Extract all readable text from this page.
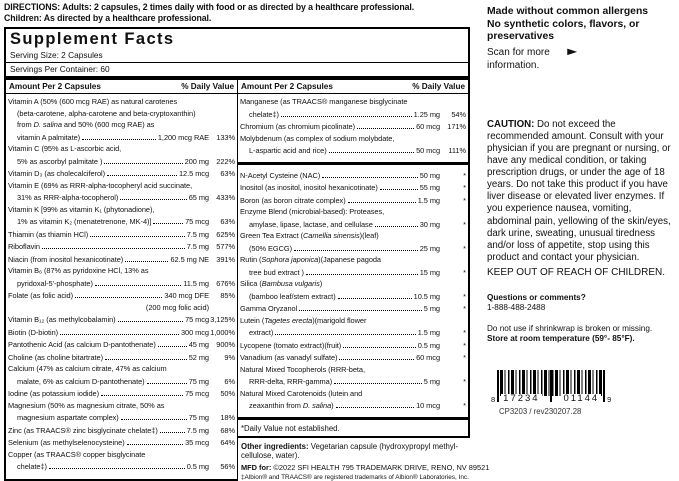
DIRECTIONS: Adults: 2 capsules, 2 times daily with food or as directed by a healthcare professional.
Children: As directed by a healthcare professional.
Supplement Facts
Serving Size: 2 Capsules
Servings Per Container: 60
Amount Per 2 Capsules	% Daily Value
Vitamin A (50% (600 mcg RAE) as natural carotenes
(beta-carotene, alpha-carotene and beta-cryptoxanthin)
from D. salina and 50% (600 mcg RAE) as
vitamin A palmitate)	1,200 mcg RAE 133%
Vitamin C (95% as L-ascorbic acid,
5% as ascorbyl palmitate )	200 mg 222%
Vitamin D₃ (as cholecalciferol)	12.5 mcg	63%
Vitamin E (69% as RRR-alpha-tocopheryl acid succinate,
31% as RRR-alpha-tocopherol)	65 mg 433%
Vitamin K [99% as vitamin K₁ (phytonadione),
1% as vitamin K₂ (menatetrenone, MK-4)]	75 mcg	63%
Thiamin (as thiamin HCl)	7.5 mg 625%
Riboflavin	7.5 mg 577%
Niacin (from inositol hexanicotinate)	62.5 mg NE 391%
Vitamin B₆ (87% as pyridoxine HCl, 13% as
pyridoxal-5'-phosphate)	11.5 mg 676%
Folate (as folic acid)	340 mcg DFE	85%
(200 mcg folic acid)
Vitamin B₁₂ (as methylcobalamin)	75 mcg 3,125%
Biotin (D-biotin)	300 mcg 1,000%
Pantothenic Acid (as calcium D-pantothenate)	45 mg 900%
Choline (as choline bitartrate)	52 mg	9%
Calcium (47% as calcium citrate, 47% as calcium
malate, 6% as calcium D-pantothenate)	75 mg	6%
Iodine (as potassium iodide)	75 mcg	50%
Magnesium (50% as magnesium citrate, 50% as
magnesium aspartate complex)	75 mg	18%
Zinc (as TRAACS® zinc bisglycinate chelate‡)	7.5 mg	68%
Selenium (as methylselenocysteine)	35 mcg	64%
Copper (as TRAACS® copper bisglycinate
chelate‡)	0.5 mg	56%
Amount Per 2 Capsules	% Daily Value
Manganese (as TRAACS® manganese bisglycinate
chelate‡)	1.25 mg	54%
Chromium (as chromium picolinate)	60 mcg 171%
Molybdenum (as complex of sodium molybdate,
L-aspartic acid and rice)	50 mcg	111%
N-Acetyl Cysteine (NAC)	50 mg	*
Inositol (as inositol, inositol hexanicotinate)	55 mg	*
Boron (as boron citrate complex)	1.5 mg	*
Enzyme Blend (microbial-based): Proteases,
amylase, lipase, lactase, and cellulase	30 mg	*
Green Tea Extract (Camellia sinensis)(leaf)
(50% EGCG)	25 mg	*
Rutin (Sophora japonica)(Japanese pagoda
tree bud extract )	15 mg	*
Silica (Bambusa vulgaris)
(bamboo leaf/stem extract)	10.5 mg	*
Gamma Oryzanol	5 mg	*
Lutein (Tagetes erecta)(marigold flower
extract)	1.5 mg	*
Lycopene (tomato extract)(fruit)	0.5 mg	*
Vanadium (as vanadyl sulfate)	60 mcg	*
Natural Mixed Tocopherols (RRR-beta,
RRR-delta, RRR-gamma)	5 mg	*
Natural Mixed Carotenoids (lutein and
zeaxanthin from D. salina)	10 mcg	*
*Daily Value not established.
Other ingredients: Vegetarian capsule (hydroxypropyl methyl-cellulose, water).
MFD for: ©2022 SFI HEALTH 795 TRADEMARK DRIVE, RENO, NV 89521
‡Albion® and TRAACS® are registered trademarks of Albion® Laboratories, Inc.
Made without common allergens
No synthetic colors, flavors, or preservatives
Scan for more ►
information.
CAUTION: Do not exceed the recommended amount. Consult with your physician if you are pregnant or nursing, or have any medical condition, or taking prescription drugs, or under the age of 18 years. Do not take this product if you have liver disease or elevated liver enzymes. If you experience nausea, vomiting, abdominal pain, yellowing of the skin/eyes, dark urine, sweating, unusual tiredness and/or loss of appetite, stop using this product and contact your physician.
KEEP OUT OF REACH OF CHILDREN.
Questions or comments?
1-888-488-2488
Do not use if shrinkwrap is broken or missing.
Store at room temperature (59°- 85°F).
8 17234	01144 9
CP3203 / rev230207.28
